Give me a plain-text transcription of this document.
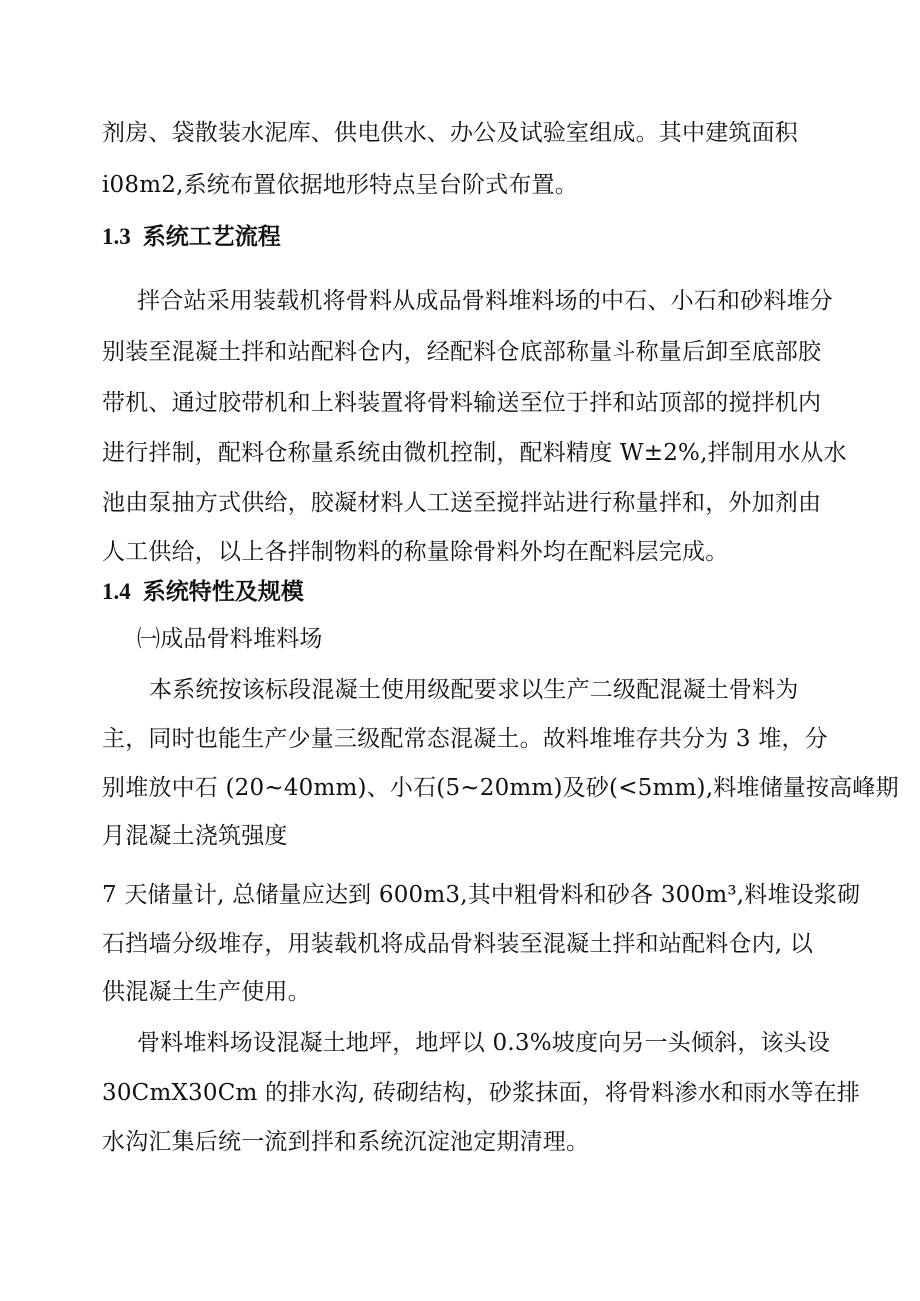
剂房、袋散装水泥库、供电供水、办公及试验室组成。其中建筑面积
i08m2,系统布置依据地形特点呈台阶式布置。
1.3 系统工艺流程
拌合站采用装载机将骨料从成品骨料堆料场的中石、小石和砂料堆分
别装至混凝土拌和站配料仓内，经配料仓底部称量斗称量后卸至底部胶
带机、通过胶带机和上料装置将骨料输送至位于拌和站顶部的搅拌机内
进行拌制，配料仓称量系统由微机控制，配料精度 W±2%,拌制用水从水
池由泵抽方式供给，胶凝材料人工送至搅拌站进行称量拌和，外加剂由
人工供给，以上各拌制物料的称量除骨料外均在配料层完成。
1.4 系统特性及规模
㈠成品骨料堆料场
本系统按该标段混凝土使用级配要求以生产二级配混凝土骨料为
主，同时也能生产少量三级配常态混凝土。故料堆堆存共分为 3 堆，分
别堆放中石 (20~40mm)、小石(5~20mm)及砂(<5mm),料堆储量按高峰期
月混凝土浇筑强度
7 天储量计, 总储量应达到 600m3,其中粗骨料和砂各 300m³,料堆设浆砌
石挡墙分级堆存，用装载机将成品骨料装至混凝土拌和站配料仓内, 以
供混凝土生产使用。
骨料堆料场设混凝土地坪，地坪以 0.3%坡度向另一头倾斜，该头设
30CmX30Cm 的排水沟, 砖砌结构，砂浆抹面，将骨料渗水和雨水等在排
水沟汇集后统一流到拌和系统沉淀池定期清理。
